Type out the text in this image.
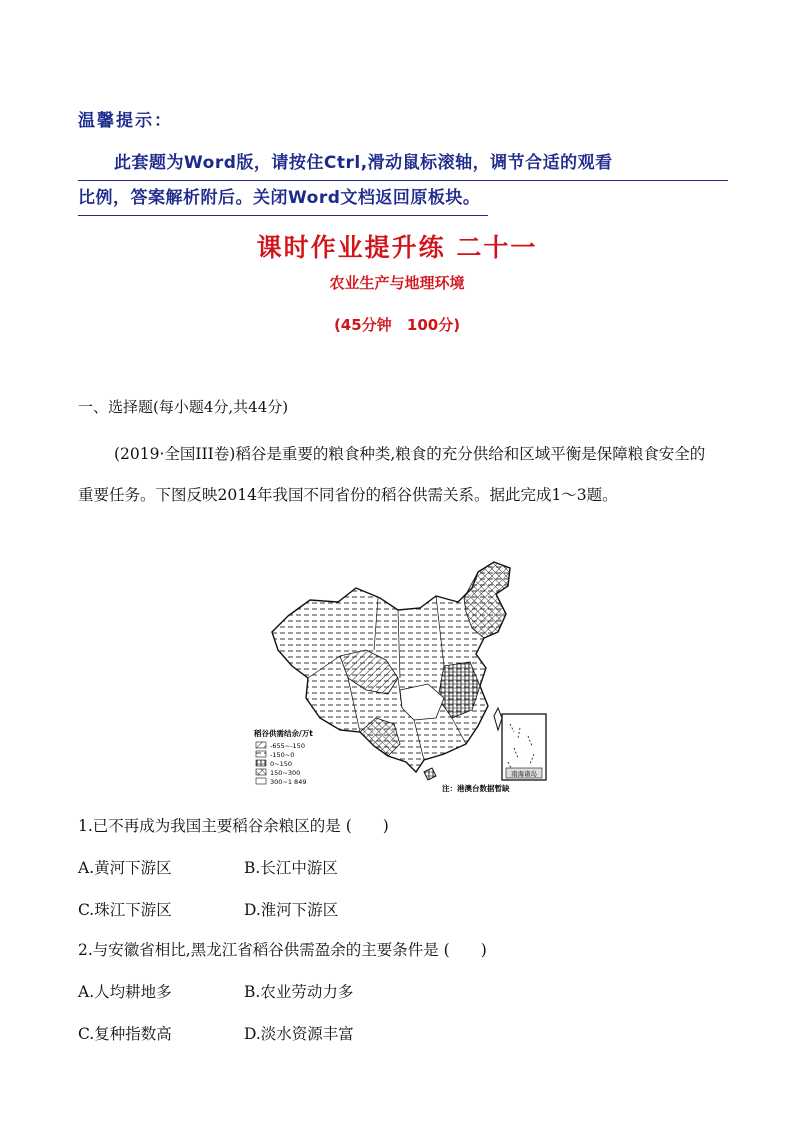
温馨提示：
此套题为Word版，请按住Ctrl,滑动鼠标滚轴，调节合适的观看
比例，答案解析附后。关闭Word文档返回原板块。
课时作业提升练 二十一
农业生产与地理环境
(45分钟 100分)
一、选择题(每小题4分,共44分)
(2019·全国III卷)稻谷是重要的粮食种类,粮食的充分供给和区域平衡是保障粮食安全的重要任务。下图反映2014年我国不同省份的稻谷供需关系。据此完成1～3题。
南海诸岛
稻谷供需结余/万t
-655~-150
-150~0
0~150
150~300
300~1 849
注：港澳台数据暂缺
1.已不再成为我国主要稻谷余粮区的是 (　　)
A.黄河下游区	B.长江中游区
C.珠江下游区	D.淮河下游区
2.与安徽省相比,黑龙江省稻谷供需盈余的主要条件是 (　　)
A.人均耕地多	B.农业劳动力多
C.复种指数高	D.淡水资源丰富
